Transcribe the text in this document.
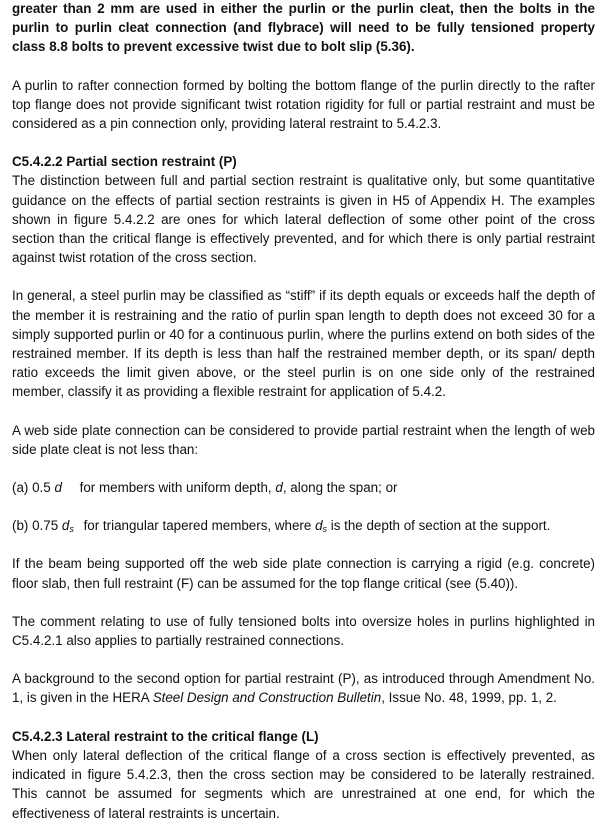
greater than 2 mm are used in either the purlin or the purlin cleat, then the bolts in the purlin to purlin cleat connection (and flybrace) will need to be fully tensioned property class 8.8 bolts to prevent excessive twist due to bolt slip (5.36).

A purlin to rafter connection formed by bolting the bottom flange of the purlin directly to the rafter top flange does not provide significant twist rotation rigidity for full or partial restraint and must be considered as a pin connection only, providing lateral restraint to 5.4.2.3.

C5.4.2.2 Partial section restraint (P)

The distinction between full and partial section restraint is qualitative only, but some quantitative guidance on the effects of partial section restraints is given in H5 of Appendix H. The examples shown in figure 5.4.2.2 are ones for which lateral deflection of some other point of the cross section than the critical flange is effectively prevented, and for which there is only partial restraint against twist rotation of the cross section.

In general, a steel purlin may be classified as “stiff” if its depth equals or exceeds half the depth of the member it is restraining and the ratio of purlin span length to depth does not exceed 30 for a simply supported purlin or 40 for a continuous purlin, where the purlins extend on both sides of the restrained member. If its depth is less than half the restrained member depth, or its span/ depth ratio exceeds the limit given above, or the steel purlin is on one side only of the restrained member, classify it as providing a flexible restraint for application of 5.4.2.

A web side plate connection can be considered to provide partial restraint when the length of web side plate cleat is not less than:

(a) 0.5 d for members with uniform depth, d, along the span; or

(b) 0.75 $d_s$ for triangular tapered members, where $d_s$ is the depth of section at the support.

If the beam being supported off the web side plate connection is carrying a rigid (e.g. concrete) floor slab, then full restraint (F) can be assumed for the top flange critical (see (5.40)).

The comment relating to use of fully tensioned bolts into oversize holes in purlins highlighted in C5.4.2.1 also applies to partially restrained connections.

A background to the second option for partial restraint (P), as introduced through Amendment No. 1, is given in the HERA Steel Design and Construction Bulletin, Issue No. 48, 1999, pp. 1, 2.

C5.4.2.3 Lateral restraint to the critical flange (L)

When only lateral deflection of the critical flange of a cross section is effectively prevented, as indicated in figure 5.4.2.3, then the cross section may be considered to be laterally restrained. This cannot be assumed for segments which are unrestrained at one end, for which the effectiveness of lateral restraints is uncertain.
